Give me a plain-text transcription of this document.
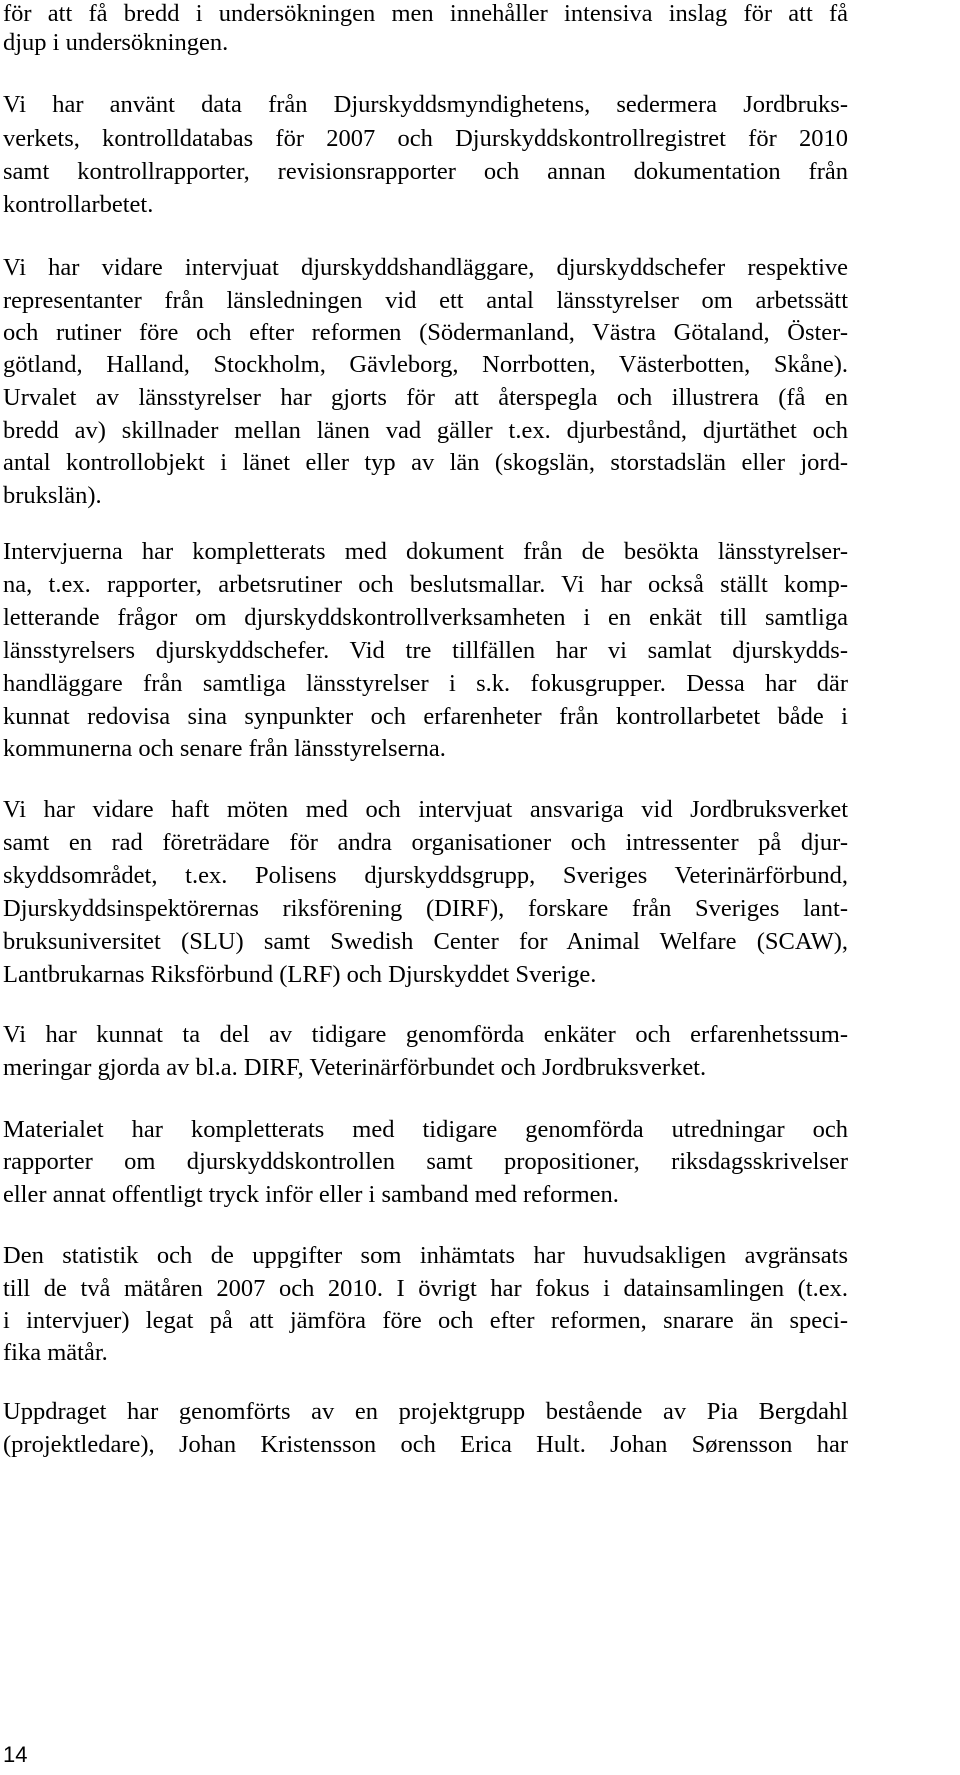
för att få bredd i undersökningen men innehåller intensiva inslag för att få
djup i undersökningen.
Vi har använt data från Djurskyddsmyndighetens, sedermera Jordbruks-
verkets, kontrolldatabas för 2007 och Djurskyddskontrollregistret för 2010
samt kontrollrapporter, revisionsrapporter och annan dokumentation från
kontrollarbetet.
Vi har vidare intervjuat djurskyddshandläggare, djurskyddschefer respektive
representanter från länsledningen vid ett antal länsstyrelser om arbetssätt
och rutiner före och efter reformen (Södermanland, Västra Götaland, Öster-
götland, Halland, Stockholm, Gävleborg, Norrbotten, Västerbotten, Skåne).
Urvalet av länsstyrelser har gjorts för att återspegla och illustrera (få en
bredd av) skillnader mellan länen vad gäller t.ex. djurbestånd, djurtäthet och
antal kontrollobjekt i länet eller typ av län (skogslän, storstadslän eller jord-
brukslän).
Intervjuerna har kompletterats med dokument från de besökta länsstyrelser-
na, t.ex. rapporter, arbetsrutiner och beslutsmallar. Vi har också ställt komp-
letterande frågor om djurskyddskontrollverksamheten i en enkät till samtliga
länsstyrelsers djurskyddschefer. Vid tre tillfällen har vi samlat djurskydds-
handläggare från samtliga länsstyrelser i s.k. fokusgrupper. Dessa har där
kunnat redovisa sina synpunkter och erfarenheter från kontrollarbetet både i
kommunerna och senare från länsstyrelserna.
Vi har vidare haft möten med och intervjuat ansvariga vid Jordbruksverket
samt en rad företrädare för andra organisationer och intressenter på djur-
skyddsområdet, t.ex. Polisens djurskyddsgrupp, Sveriges Veterinärförbund,
Djurskyddsinspektörernas riksförening (DIRF), forskare från Sveriges lant-
bruksuniversitet (SLU) samt Swedish Center for Animal Welfare (SCAW),
Lantbrukarnas Riksförbund (LRF) och Djurskyddet Sverige.
Vi har kunnat ta del av tidigare genomförda enkäter och erfarenhetssum-
meringar gjorda av bl.a. DIRF, Veterinärförbundet och Jordbruksverket.
Materialet har kompletterats med tidigare genomförda utredningar och
rapporter om djurskyddskontrollen samt propositioner, riksdagsskrivelser
eller annat offentligt tryck inför eller i samband med reformen.
Den statistik och de uppgifter som inhämtats har huvudsakligen avgränsats
till de två mätåren 2007 och 2010. I övrigt har fokus i datainsamlingen (t.ex.
i intervjuer) legat på att jämföra före och efter reformen, snarare än speci-
fika mätår.
Uppdraget har genomförts av en projektgrupp bestående av Pia Bergdahl
(projektledare), Johan Kristensson och Erica Hult. Johan Sørensson har
14
